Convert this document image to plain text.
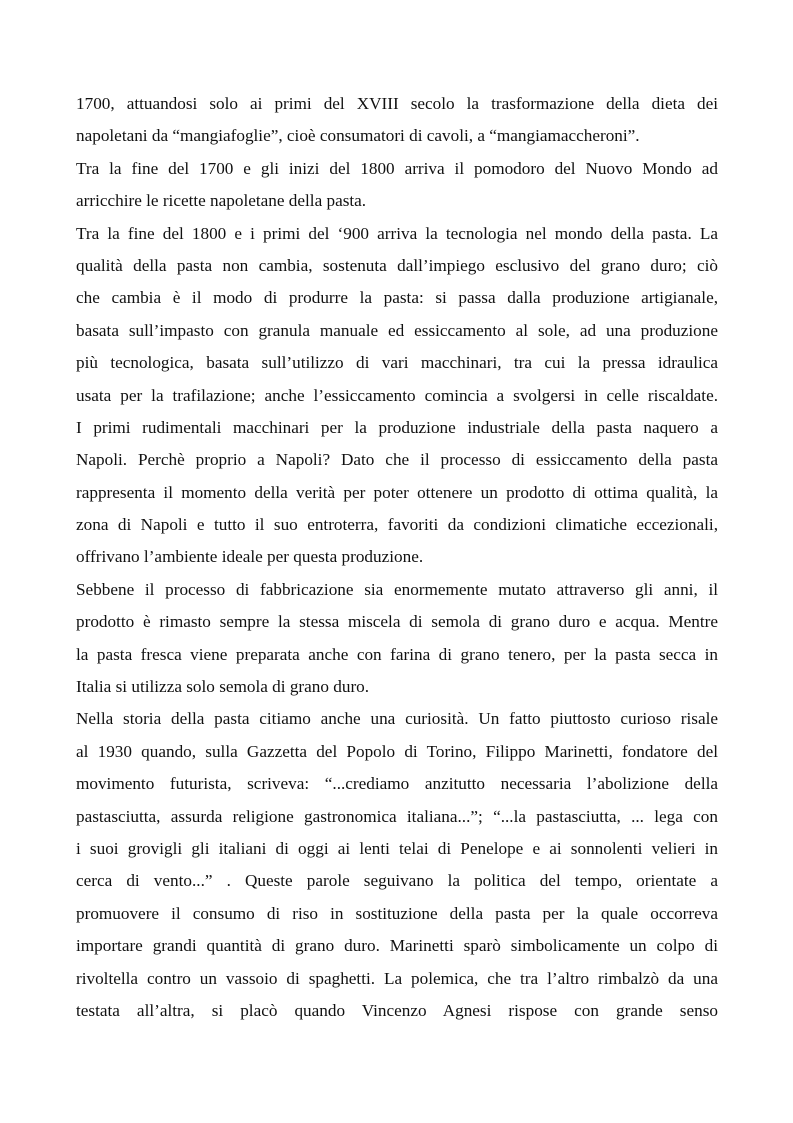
1700, attuandosi solo ai primi del XVIII secolo la trasformazione della dieta dei
napoletani da “mangiafoglie”, cioè consumatori di cavoli, a “mangiamaccheroni”.
Tra la fine del 1700 e gli inizi del 1800 arriva il pomodoro del Nuovo Mondo ad
arricchire le ricette napoletane della pasta.
Tra la fine del 1800 e i primi del ‘900 arriva la tecnologia nel mondo della pasta. La
qualità della pasta non cambia, sostenuta dall’impiego esclusivo del grano duro; ciò
che cambia è il modo di produrre la pasta: si passa dalla produzione artigianale,
basata sull’impasto con granula manuale ed essiccamento al sole, ad una produzione
più tecnologica, basata sull’utilizzo di vari macchinari, tra cui la pressa idraulica
usata per la trafilazione; anche l’essiccamento comincia a svolgersi in celle riscaldate.
I primi rudimentali macchinari per la produzione industriale della pasta naquero a
Napoli. Perchè proprio a Napoli? Dato che il processo di essiccamento della pasta
rappresenta il momento della verità per poter ottenere un prodotto di ottima qualità, la
zona di Napoli e tutto il suo entroterra, favoriti da condizioni climatiche eccezionali,
offrivano l’ambiente ideale per questa produzione.
Sebbene il processo di fabbricazione sia enormemente mutato attraverso gli anni, il
prodotto è rimasto sempre la stessa miscela di semola di grano duro e acqua. Mentre
la pasta fresca viene preparata anche con farina di grano tenero, per la pasta secca in
Italia si utilizza solo semola di grano duro.
Nella storia della pasta citiamo anche una curiosità. Un fatto piuttosto curioso risale
al 1930 quando, sulla Gazzetta del Popolo di Torino, Filippo Marinetti, fondatore del
movimento futurista, scriveva: “...crediamo anzitutto necessaria l’abolizione della
pastasciutta, assurda religione gastronomica italiana...”; “...la pastasciutta, ... lega con
i suoi grovigli gli italiani di oggi ai lenti telai di Penelope e ai sonnolenti velieri in
cerca di vento...” . Queste parole seguivano la politica del tempo, orientate a
promuovere il consumo di riso in sostituzione della pasta per la quale occorreva
importare grandi quantità di grano duro. Marinetti sparò simbolicamente un colpo di
rivoltella contro un vassoio di spaghetti. La polemica, che tra l’altro rimbalzò da una
testata all’altra, si placò quando Vincenzo Agnesi rispose con grande senso
